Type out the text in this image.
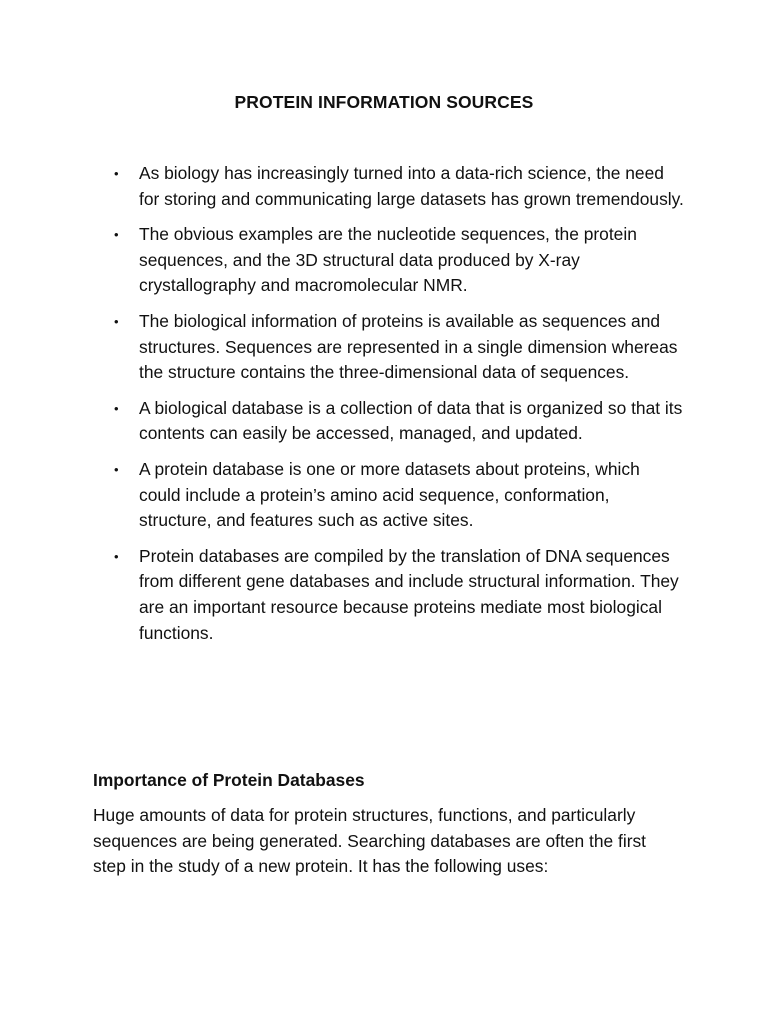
PROTEIN INFORMATION SOURCES
• As biology has increasingly turned into a data-rich science, the need for storing and communicating large datasets has grown tremendously.
• The obvious examples are the nucleotide sequences, the protein sequences, and the 3D structural data produced by X-ray crystallography and macromolecular NMR.
• The biological information of proteins is available as sequences and structures. Sequences are represented in a single dimension whereas the structure contains the three-dimensional data of sequences.
• A biological database is a collection of data that is organized so that its contents can easily be accessed, managed, and updated.
• A protein database is one or more datasets about proteins, which could include a protein’s amino acid sequence, conformation, structure, and features such as active sites.
• Protein databases are compiled by the translation of DNA sequences from different gene databases and include structural information. They are an important resource because proteins mediate most biological functions.
Importance of Protein Databases

Huge amounts of data for protein structures, functions, and particularly sequences are being generated. Searching databases are often the first step in the study of a new protein. It has the following uses:
